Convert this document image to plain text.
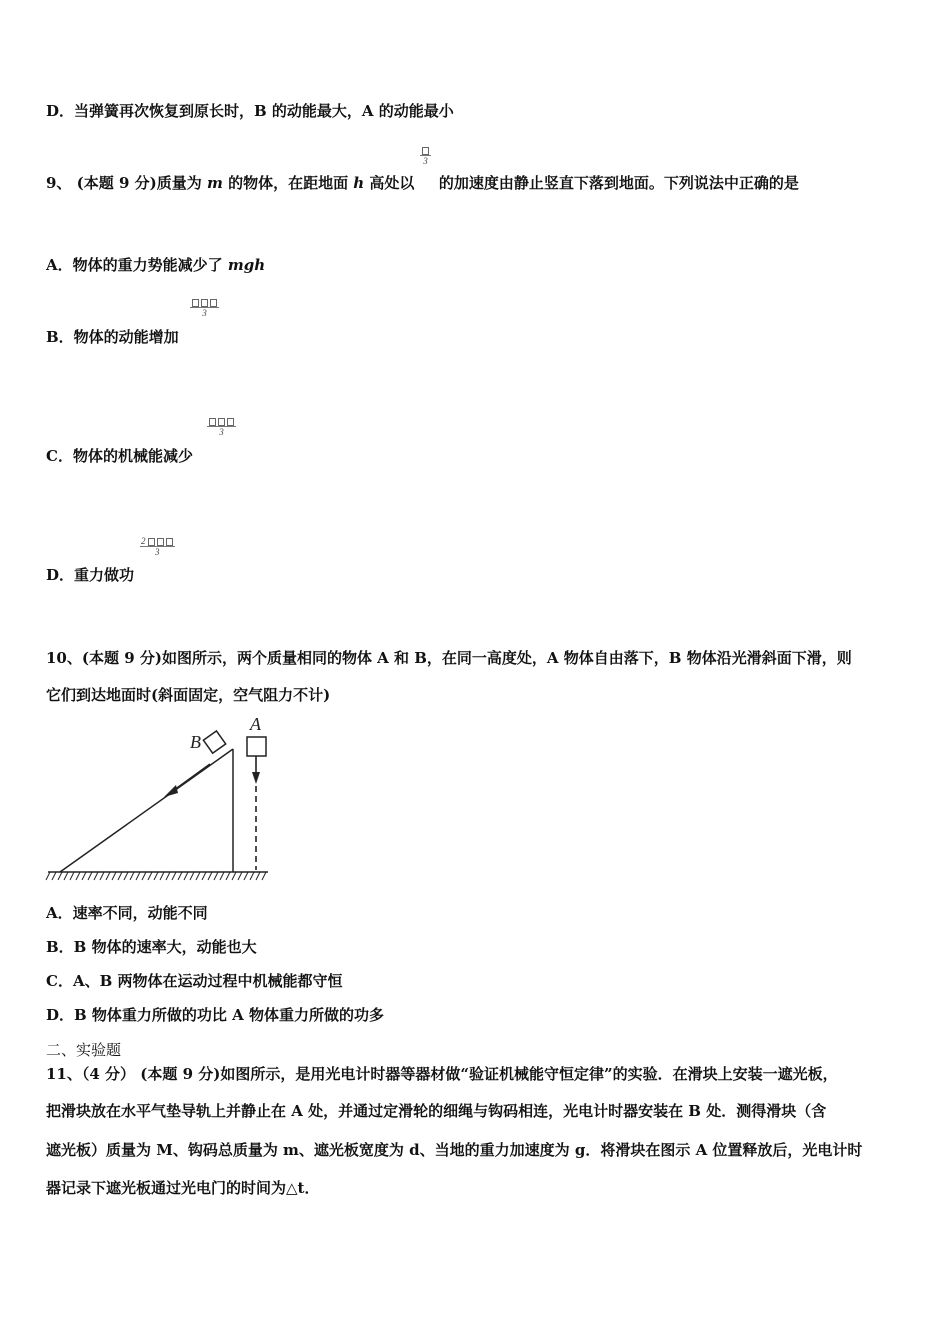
D．当弹簧再次恢复到原长时，B 的动能最大，A 的动能最小
9、 (本题 9 分)质量为 m 的物体，在距地面 h 高处以  的加速度由静止竖直下落到地面。下列说法中正确的是
3
A．物体的重力势能减少了 mgh
3
B．物体的动能增加
3
C．物体的机械能减少
$\frac{2}{3}$
D．重力做功
10、(本题 9 分)如图所示，两个质量相同的物体 A 和 B，在同一高度处，A 物体自由落下，B 物体沿光滑斜面下滑，则
它们到达地面时(斜面固定，空气阻力不计)
B
A
A．速率不同，动能不同
B．B 物体的速率大，动能也大
C．A、B 两物体在运动过程中机械能都守恒
D．B 物体重力所做的功比 A 物体重力所做的功多
二、实验题
11、（4 分） (本题 9 分)如图所示，是用光电计时器等器材做“验证机械能守恒定律”的实验．在滑块上安装一遮光板，
把滑块放在水平气垫导轨上并静止在 A 处，并通过定滑轮的细绳与钩码相连，光电计时器安装在 B 处．测得滑块（含
遮光板）质量为 M、钩码总质量为 m、遮光板宽度为 d、当地的重力加速度为 g．将滑块在图示 A 位置释放后，光电计时
器记录下遮光板通过光电门的时间为△t．
